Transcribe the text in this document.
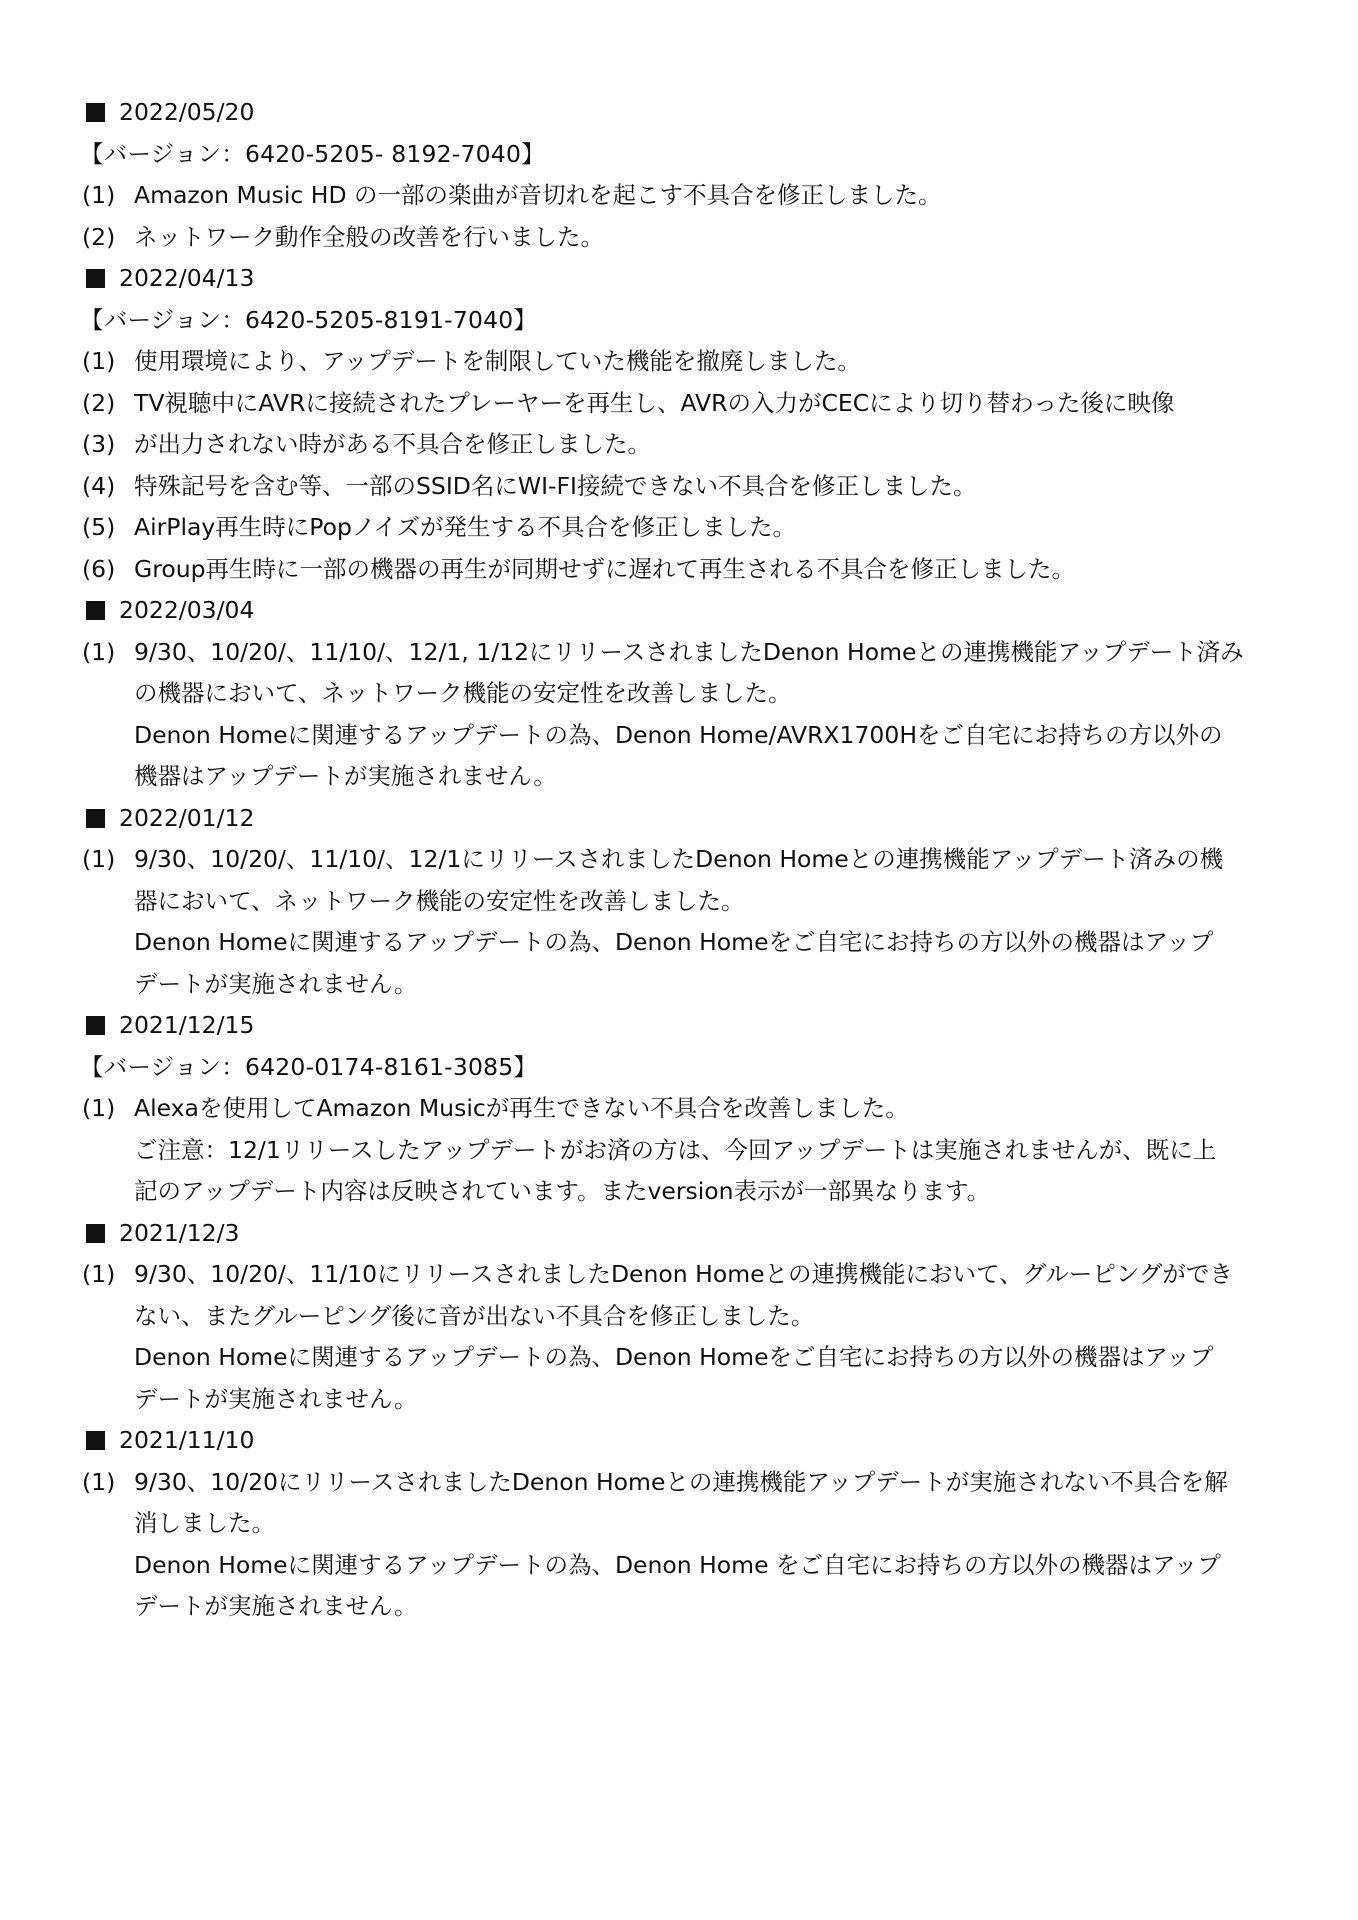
2022/05/20
【バージョン：6420-5205- 8192-7040】
(1) Amazon Music HD の一部の楽曲が音切れを起こす不具合を修正しました。
(2) ネットワーク動作全般の改善を行いました。
2022/04/13
【バージョン：6420-5205-8191-7040】
(1) 使用環境により、アップデートを制限していた機能を撤廃しました。
(2) TV視聴中にAVRに接続されたプレーヤーを再生し、AVRの入力がCECにより切り替わった後に映像
(3) が出力されない時がある不具合を修正しました。
(4) 特殊記号を含む等、一部のSSID名にWI-FI接続できない不具合を修正しました。
(5) AirPlay再生時にPopノイズが発生する不具合を修正しました。
(6) Group再生時に一部の機器の再生が同期せずに遅れて再生される不具合を修正しました。
2022/03/04
(1) 9/30、10/20/、11/10/、12/1, 1/12にリリースされましたDenon Homeとの連携機能アップデート済み
の機器において、ネットワーク機能の安定性を改善しました。
Denon Homeに関連するアップデートの為、Denon Home/AVRX1700Hをご自宅にお持ちの方以外の
機器はアップデートが実施されません。
2022/01/12
(1) 9/30、10/20/、11/10/、12/1にリリースされましたDenon Homeとの連携機能アップデート済みの機
器において、ネットワーク機能の安定性を改善しました。
Denon Homeに関連するアップデートの為、Denon Homeをご自宅にお持ちの方以外の機器はアップ
デートが実施されません。
2021/12/15
【バージョン：6420-0174-8161-3085】
(1) Alexaを使用してAmazon Musicが再生できない不具合を改善しました。
ご注意：12/1リリースしたアップデートがお済の方は、今回アップデートは実施されませんが、既に上
記のアップデート内容は反映されています。またversion表示が一部異なります。
2021/12/3
(1) 9/30、10/20/、11/10にリリースされましたDenon Homeとの連携機能において、グルーピングができ
ない、またグルーピング後に音が出ない不具合を修正しました。
Denon Homeに関連するアップデートの為、Denon Homeをご自宅にお持ちの方以外の機器はアップ
デートが実施されません。
2021/11/10
(1) 9/30、10/20にリリースされましたDenon Homeとの連携機能アップデートが実施されない不具合を解
消しました。
Denon Homeに関連するアップデートの為、Denon Home をご自宅にお持ちの方以外の機器はアップ
デートが実施されません。
